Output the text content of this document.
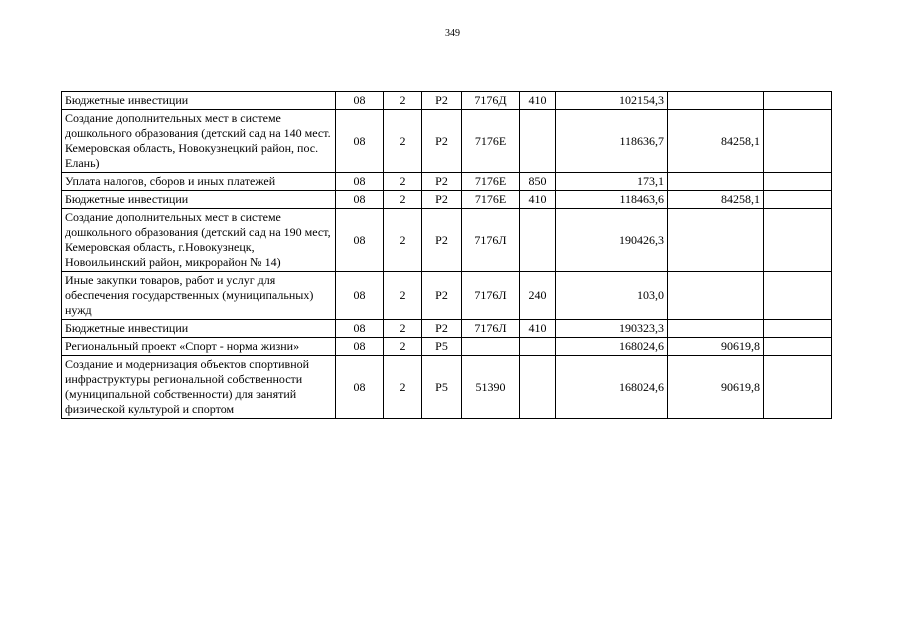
349
Бюджетные инвестиции	08	2	Р2	7176Д	410	102154,3		
Создание дополнительных мест в системе дошкольного образования (детский сад на 140 мест. Кемеровская область, Новокузнецкий район, пос. Елань)	08	2	Р2	7176Е		118636,7	84258,1	
Уплата налогов, сборов и иных платежей	08	2	Р2	7176Е	850	173,1		
Бюджетные инвестиции	08	2	Р2	7176Е	410	118463,6	84258,1	
Создание дополнительных мест в системе дошкольного образования (детский сад на 190 мест, Кемеровская область, г.Новокузнецк, Новоильинский район, микрорайон № 14)	08	2	Р2	7176Л		190426,3		
Иные закупки товаров, работ и услуг для обеспечения государственных (муниципальных) нужд	08	2	Р2	7176Л	240	103,0		
Бюджетные инвестиции	08	2	Р2	7176Л	410	190323,3		
Региональный проект «Спорт - норма жизни»	08	2	Р5			168024,6	90619,8	
Создание и модернизация объектов спортивной инфраструктуры региональной собственности (муниципальной собственности) для занятий физической культурой и спортом	08	2	Р5	51390		168024,6	90619,8	
